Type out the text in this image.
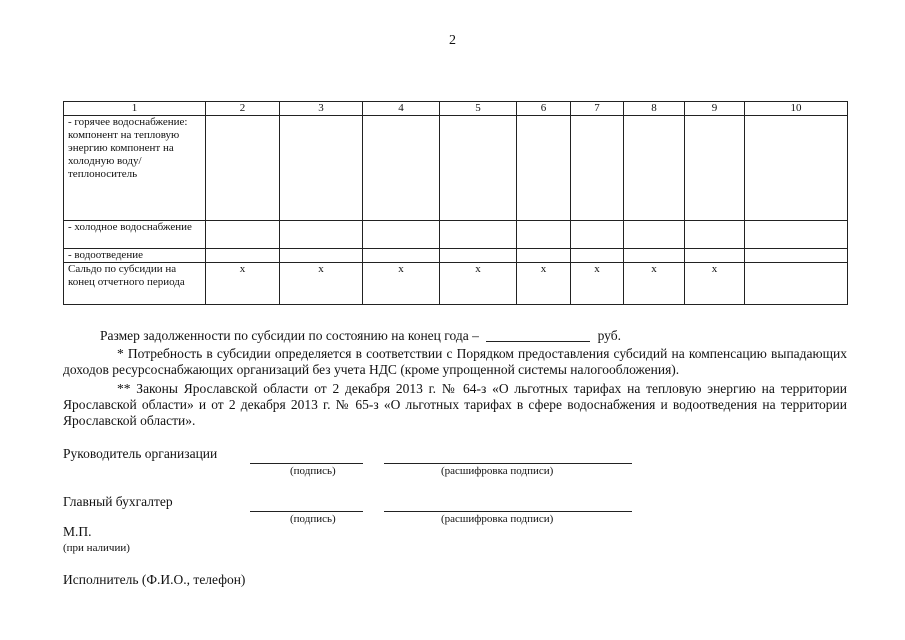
2
1	2	3	4	5	6	7	8	9	10
- горячее водоснабжение: компонент на тепловую энергию компонент на холодную воду/ теплоноситель									
- холодное водоснабжение									
- водоотведение									
Сальдо по субсидии на конец отчетного периода	x	x	x	x	x	x	x	x	
Размер задолженности по субсидии по состоянию на конец года –	руб.
* Потребность в субсидии определяется в соответствии с Порядком предоставления субсидий на компенсацию выпадающих доходов ресурсоснабжающих организаций без учета НДС (кроме упрощенной системы налогообложения).
** Законы Ярославской области от 2 декабря 2013 г. № 64-з «О льготных тарифах на тепловую энергию на территории Ярославской области» и от 2 декабря 2013 г. № 65-з «О льготных тарифах в сфере водоснабжения и водоотведения на территории Ярославской области».
Руководитель организации
(подпись)	(расшифровка подписи)
Главный бухгалтер
(подпись)	(расшифровка подписи)
М.П.
(при наличии)
Исполнитель (Ф.И.О., телефон)
